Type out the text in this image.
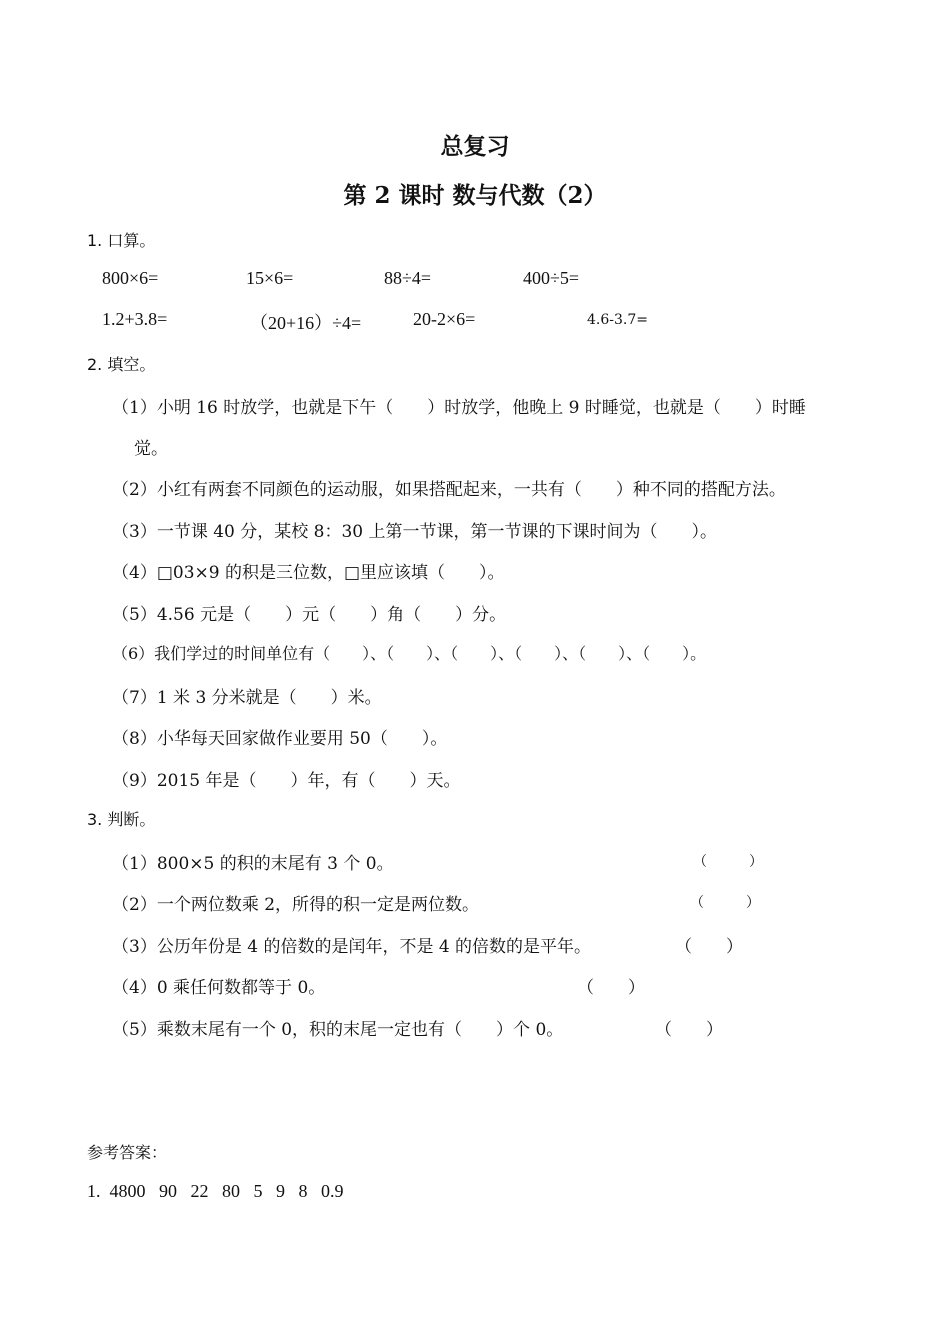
总复习
第 2 课时 数与代数（2）
1. 口算。
800×6=	15×6=	88÷4=	400÷5=
1.2+3.8=	（20+16）÷4=	20-2×6=	4.6-3.7=
2. 填空。
（1）小明 16 时放学，也就是下午（　　）时放学，他晚上 9 时睡觉，也就是（　　）时睡
觉。
（2）小红有两套不同颜色的运动服，如果搭配起来，一共有（　　）种不同的搭配方法。
（3）一节课 40 分，某校 8：30 上第一节课，第一节课的下课时间为（　　）。
（4）□03×9 的积是三位数，□里应该填（　　）。
（5）4.56 元是（　　）元（　　）角（　　）分。
（6）我们学过的时间单位有（　　）、（　　）、（　　）、（　　）、（　　）、（　　）。
（7）1 米 3 分米就是（　　）米。
（8）小华每天回家做作业要用 50（　　）。
（9）2015 年是（　　）年，有（　　）天。
3. 判断。
（1）800×5 的积的末尾有 3 个 0。	（　　　）
（2）一个两位数乘 2，所得的积一定是两位数。	（　　　）
（3）公历年份是 4 的倍数的是闰年，不是 4 的倍数的是平年。	（　　）
（4）0 乘任何数都等于 0。	（　　）
（5）乘数末尾有一个 0，积的末尾一定也有（　　）个 0。	（　　）
参考答案：
1.  4800   90   22   80   5   9   8   0.9
